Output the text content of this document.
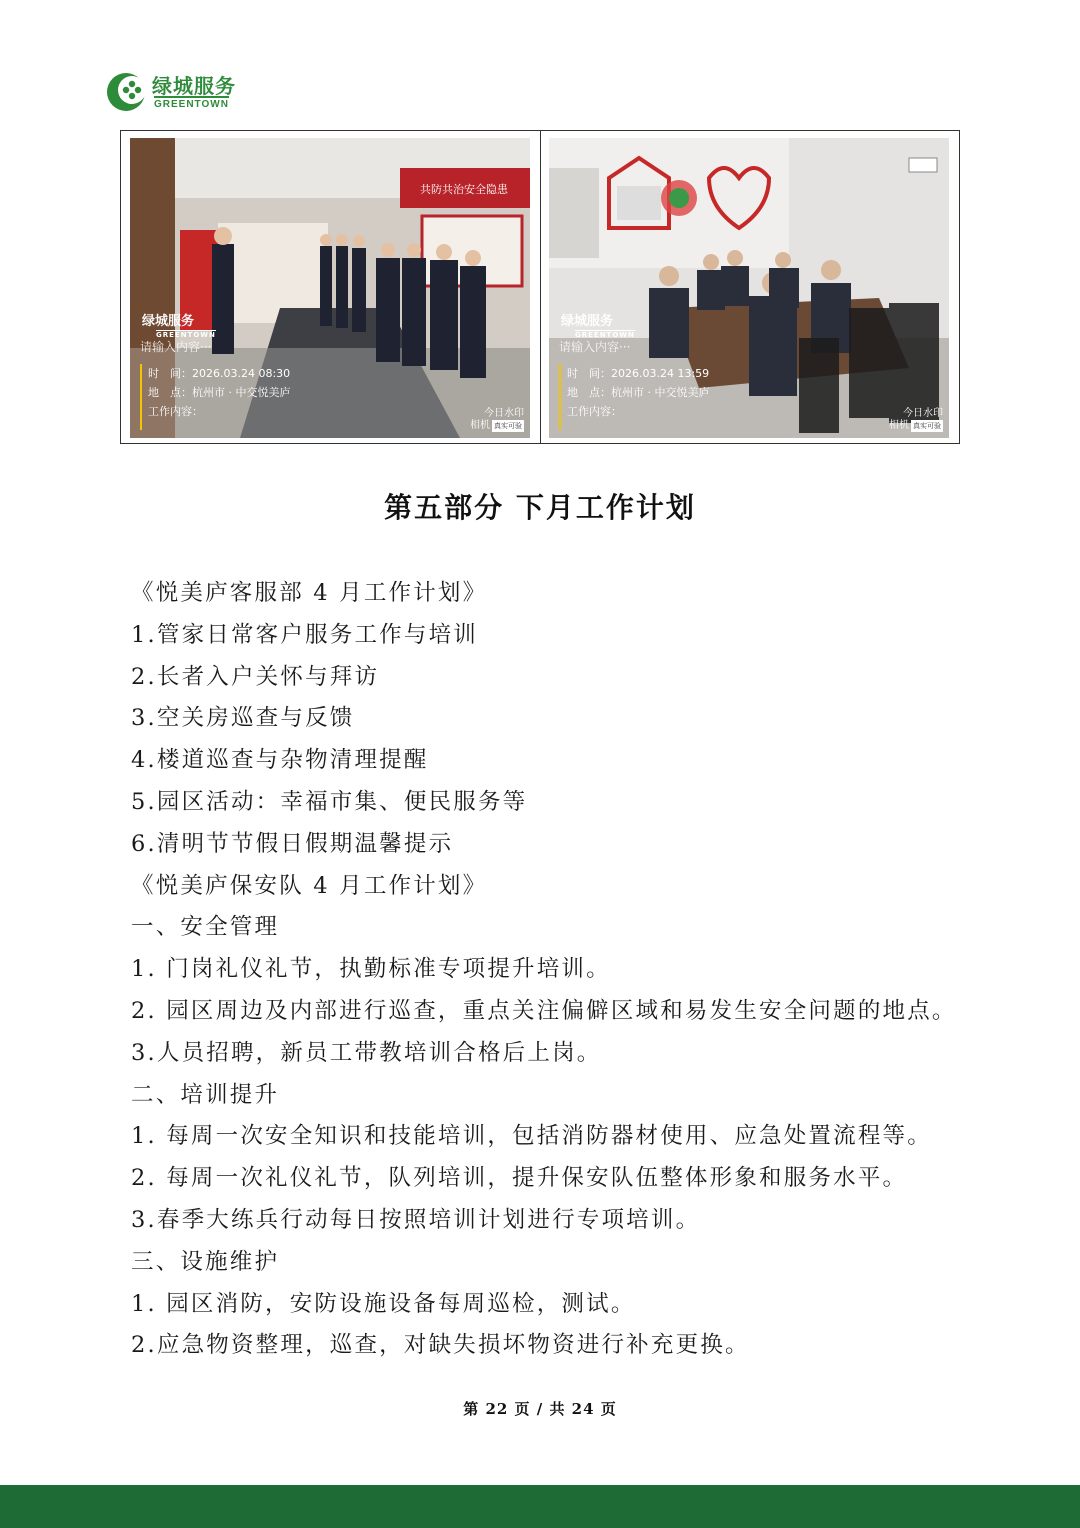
绿城服务
GREENTOWN
共防共治安全隐患
绿城服务
GREENTOWN
请输入内容···
时　间：2026.03.24 08:30
地　点：杭州市 · 中交悦美庐
工作内容：	今日水印
相机 真实可验
绿城服务
GREENTOWN
请输入内容···
时　间：2026.03.24 13:59
地　点：杭州市 · 中交悦美庐
工作内容：	今日水印
相机 真实可验
第五部分 下月工作计划
《悦美庐客服部 4 月工作计划》
1.管家日常客户服务工作与培训
2.长者入户关怀与拜访
3.空关房巡查与反馈
4.楼道巡查与杂物清理提醒
5.园区活动：幸福市集、便民服务等
6.清明节节假日假期温馨提示
《悦美庐保安队 4 月工作计划》
一、安全管理
1. 门岗礼仪礼节，执勤标准专项提升培训。
2. 园区周边及内部进行巡查，重点关注偏僻区域和易发生安全问题的地点。
3.人员招聘，新员工带教培训合格后上岗。
二、培训提升
1. 每周一次安全知识和技能培训，包括消防器材使用、应急处置流程等。
2. 每周一次礼仪礼节，队列培训，提升保安队伍整体形象和服务水平。
3.春季大练兵行动每日按照培训计划进行专项培训。
三、设施维护
1. 园区消防，安防设施设备每周巡检，测试。
2.应急物资整理，巡查，对缺失损坏物资进行补充更换。
第 22 页 / 共 24 页
